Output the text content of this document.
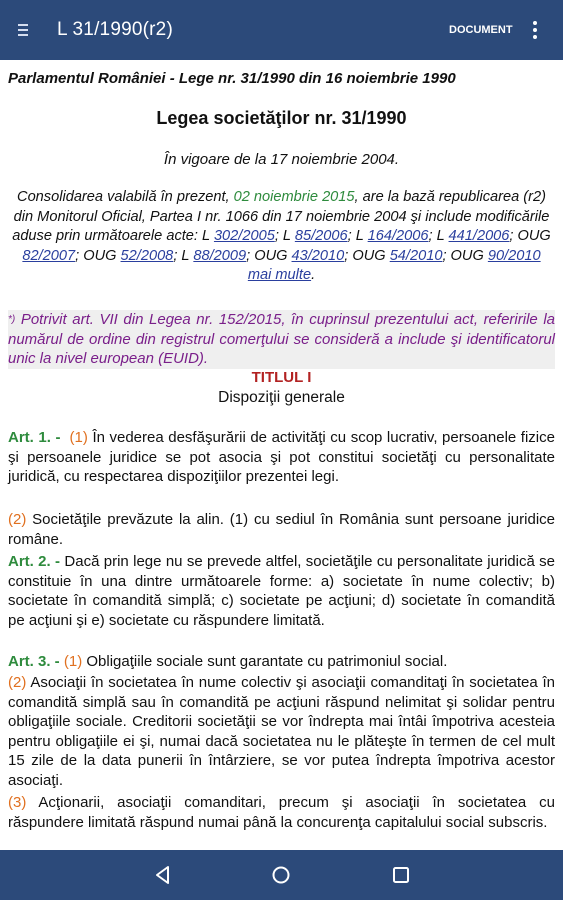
L 31/1990(r2)	DOCUMENT

Parlamentul României - Lege nr. 31/1990 din 16 noiembrie 1990

Legea societăţilor nr. 31/1990

În vigoare de la 17 noiembrie 2004.

Consolidarea valabilă în prezent, 02 noiembrie 2015, are la bază republicarea (r2) din Monitorul Oficial, Partea I nr. 1066 din 17 noiembrie 2004 şi include modificările aduse prin următoarele acte: L 302/2005; L 85/2006; L 164/2006; L 441/2006; OUG 82/2007; OUG 52/2008; L 88/2009; OUG 43/2010; OUG 54/2010; OUG 90/2010 mai multe.

*) Potrivit art. VII din Legea nr. 152/2015, în cuprinsul prezentului act, referirile la numărul de ordine din registrul comerţului se consideră a include şi identificatorul unic la nivel european (EUID).

TITLUL I

Dispoziţii generale

Art. 1. - (1) În vederea desfăşurării de activităţi cu scop lucrativ, persoanele fizice şi persoanele juridice se pot asocia şi pot constitui societăţi cu personalitate juridică, cu respectarea dispoziţiilor prezentei legi.

(2) Societăţile prevăzute la alin. (1) cu sediul în România sunt persoane juridice române.

Art. 2. - Dacă prin lege nu se prevede altfel, societăţile cu personalitate juridică se constituie în una dintre următoarele forme: a) societate în nume colectiv; b) societate în comandită simplă; c) societate pe acţiuni; d) societate în comandită pe acţiuni şi e) societate cu răspundere limitată.

Art. 3. - (1) Obligaţiile sociale sunt garantate cu patrimoniul social.

(2) Asociaţii în societatea în nume colectiv şi asociaţii comanditaţi în societatea în comandită simplă sau în comandită pe acţiuni răspund nelimitat şi solidar pentru obligaţiile sociale. Creditorii societăţii se vor îndrepta mai întâi împotriva acesteia pentru obligaţiile ei şi, numai dacă societatea nu le plăteşte în termen de cel mult 15 zile de la data punerii în întârziere, se vor putea îndrepta împotriva acestor asociaţi.

(3) Acţionarii, asociaţii comanditari, precum şi asociaţii în societatea cu răspundere limitată răspund numai până la concurenţa capitalului social subscris.
